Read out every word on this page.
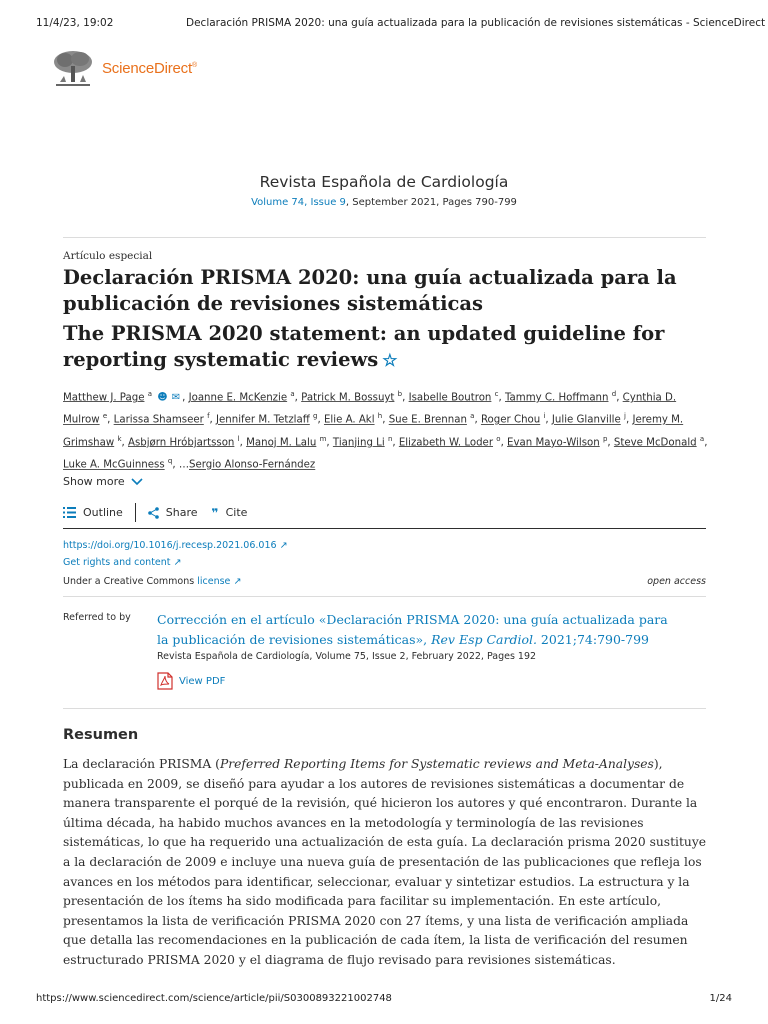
11/4/23, 19:02	Declaración PRISMA 2020: una guía actualizada para la publicación de revisiones sistemáticas - ScienceDirect
ScienceDirect®
Revista Española de Cardiología
Volume 74, Issue 9, September 2021, Pages 790-799
Artículo especial
Declaración PRISMA 2020: una guía actualizada para la publicación de revisiones sistemáticas
The PRISMA 2020 statement: an updated guideline for reporting systematic reviews ☆
Matthew J. Page $^a$ ☻ ✉ , Joanne E. McKenzie $^a$, Patrick M. Bossuyt $^b$, Isabelle Boutron $^c$, Tammy C. Hoffmann $^d$, Cynthia D. Mulrow $^e$, Larissa Shamseer $^f$, Jennifer M. Tetzlaff $^g$, Elie A. Akl $^h$, Sue E. Brennan $^a$, Roger Chou $^i$, Julie Glanville $^j$, Jeremy M. Grimshaw $^k$, Asbjørn Hróbjartsson $^l$, Manoj M. Lalu $^m$, Tianjing Li $^n$, Elizabeth W. Loder $^o$, Evan Mayo-Wilson $^p$, Steve McDonald $^a$, Luke A. McGuinness $^q$, …Sergio Alonso-Fernández
Show more
Outline	Share ❞ Cite
https://doi.org/10.1016/j.recesp.2021.06.016 ↗
Get rights and content ↗
Under a Creative Commons license ↗	open access
Referred to by Corrección en el artículo «Declaración PRISMA 2020: una guía actualizada para la publicación de revisiones sistemáticas», Rev Esp Cardiol. 2021;74:790-799
Revista Española de Cardiología, Volume 75, Issue 2, February 2022, Pages 192
View PDF
Resumen

La declaración PRISMA (Preferred Reporting Items for Systematic reviews and Meta-Analyses), publicada en 2009, se diseñó para ayudar a los autores de revisiones sistemáticas a documentar de manera transparente el porqué de la revisión, qué hicieron los autores y qué encontraron. Durante la última década, ha habido muchos avances en la metodología y terminología de las revisiones sistemáticas, lo que ha requerido una actualización de esta guía. La declaración prisma 2020 sustituye a la declaración de 2009 e incluye una nueva guía de presentación de las publicaciones que refleja los avances en los métodos para identificar, seleccionar, evaluar y sintetizar estudios. La estructura y la presentación de los ítems ha sido modificada para facilitar su implementación. En este artículo, presentamos la lista de verificación PRISMA 2020 con 27 ítems, y una lista de verificación ampliada que detalla las recomendaciones en la publicación de cada ítem, la lista de verificación del resumen estructurado PRISMA 2020 y el diagrama de flujo revisado para revisiones sistemáticas.

https://www.sciencedirect.com/science/article/pii/S0300893221002748	1/24
